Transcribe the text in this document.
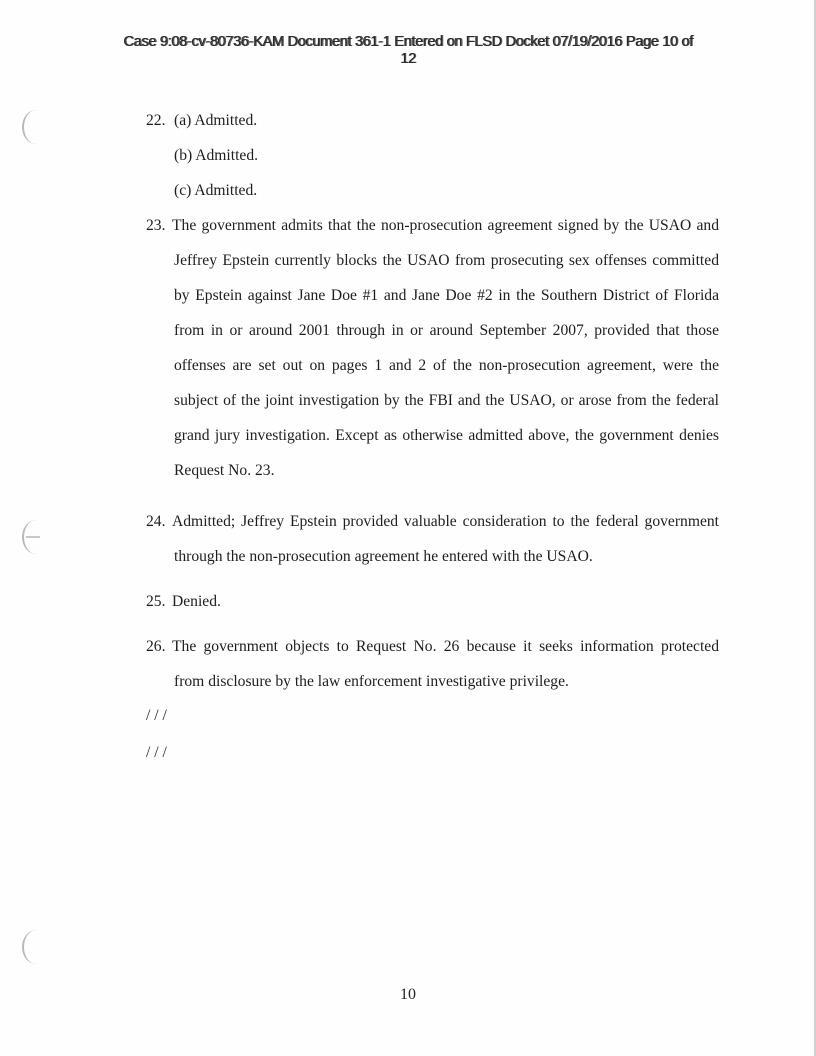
Case 9:08-cv-80736-KAM Document 361-1 Entered on FLSD Docket 07/19/2016 Page 10 of
12
22. (a) Admitted.
(b) Admitted.
(c) Admitted.
23. The government admits that the non-prosecution agreement signed by the USAO and
Jeffrey Epstein currently blocks the USAO from prosecuting sex offenses committed
by Epstein against Jane Doe #1 and Jane Doe #2 in the Southern District of Florida
from in or around 2001 through in or around September 2007, provided that those
offenses are set out on pages 1 and 2 of the non-prosecution agreement, were the
subject of the joint investigation by the FBI and the USAO, or arose from the federal
grand jury investigation. Except as otherwise admitted above, the government denies
Request No. 23.
24. Admitted; Jeffrey Epstein provided valuable consideration to the federal government
through the non-prosecution agreement he entered with the USAO.
25. Denied.
26. The government objects to Request No. 26 because it seeks information protected
from disclosure by the law enforcement investigative privilege.
/ / /
/ / /
10
